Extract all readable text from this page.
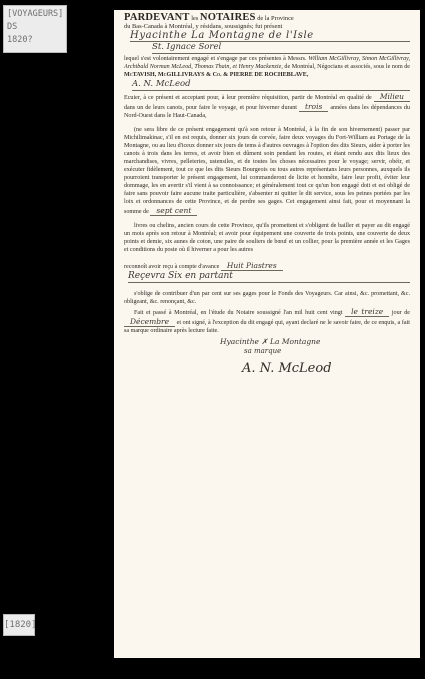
[VOYAGEURS] DS
1820?
PARDEVANT les NOTAIRES de la Province
du Bas-Canada à Montréal, y résidans, soussignés; fut présent
Hyacinthe La Montagne de l'Isle
St. Ignace Sorel

lequel s'est volontairement engagé et s'engage par ces présentes à Messrs. William McGillivray, Simon McGillivray, Archibald Norman McLeod, Thomas Thain, et Henry Mackenzie, de Montréal, Négocians et associés, sous le nom de McTAVISH, McGILLIVRAYS & Co. & PIERRE DE ROCHEBLAVE,

A. N. McLeod

Ecuier, à ce présent et acceptant pour, à leur première réquisition, partir de Montréal en qualité de Milieu dans un de leurs canots, pour faire le voyage, et pour hiverner durant trois années dans les dépendances du Nord-Ouest dans le Haut-Canada,

(ne sera libre de ce présent engagement qu'à son retour à Montréal, à la fin de son hivernement) passer par Michilimakinac, s'il en est requis, donner six jours de corvée, faire deux voyages du Fort-William au Portage de la Montagne, ou au lieu d'iceux donner six jours de tems à d'autres ouvrages à l'option des dits Sieurs, aider à porter les canots à trois dans les terres, et avoir bien et dûment soin pendant les routes, et étant rendu aux dits lieux des marchandises, vivres, pelleteries, ustensiles, et de toutes les choses nécessaires pour le voyage; servir, obéir, et exécuter fidèlement, tout ce que les dits Sieurs Bourgeois ou tous autres représentans leurs personnes, auxquels ils pourroient transporter le présent engagement, lui commanderont de licite et honnête, faire leur profit, éviter leur dommage, les en avertir s'il vient à sa connoissance; et généralement tout ce qu'un bon engagé doit et est obligé de faire sans pouvoir faire aucune traite particulière, s'absenter ni quitter le dit service, sous les peines portées par les loix et ordonnances de cette Province, et de perdre ses gages. Cet engagement ainsi fait, pour et moyennant la somme de sept cent

livres ou chelins, ancien cours de cette Province, qu'ils promettent et s'obligent de bailler et payer au dit engagé un mois après son retour à Montréal; et avoir pour équipement une couverte de trois points, une couverte de deux points et demie, six aunes de coton, une paire de souliers de bœuf et un collier, pour la première année et les Gages et conditions du poste où il hiverner a pour les autres

reconnoît avoir reçu à compte d'avance Huit Piastres

Reçevra Six en partant

s'oblige de contribuer d'un par cent sur ses gages pour le Fonds des Voyageurs. Car ainsi, &c. promettant, &c. obligeant, &c. renonçant, &c.

Fait et passé à Montréal, en l'étude du Notaire soussigné l'an mil huit cent vingt le treize jour de Décembre et ont signé, à l'exception du dit engagé qui, ayant declaré ne le savoir faire, de ce enquis, a fait sa marque ordinaire après lecture faite.

Hyacinthe ✗ La Montagne
sa marque
A. N. McLeod
[1820]
